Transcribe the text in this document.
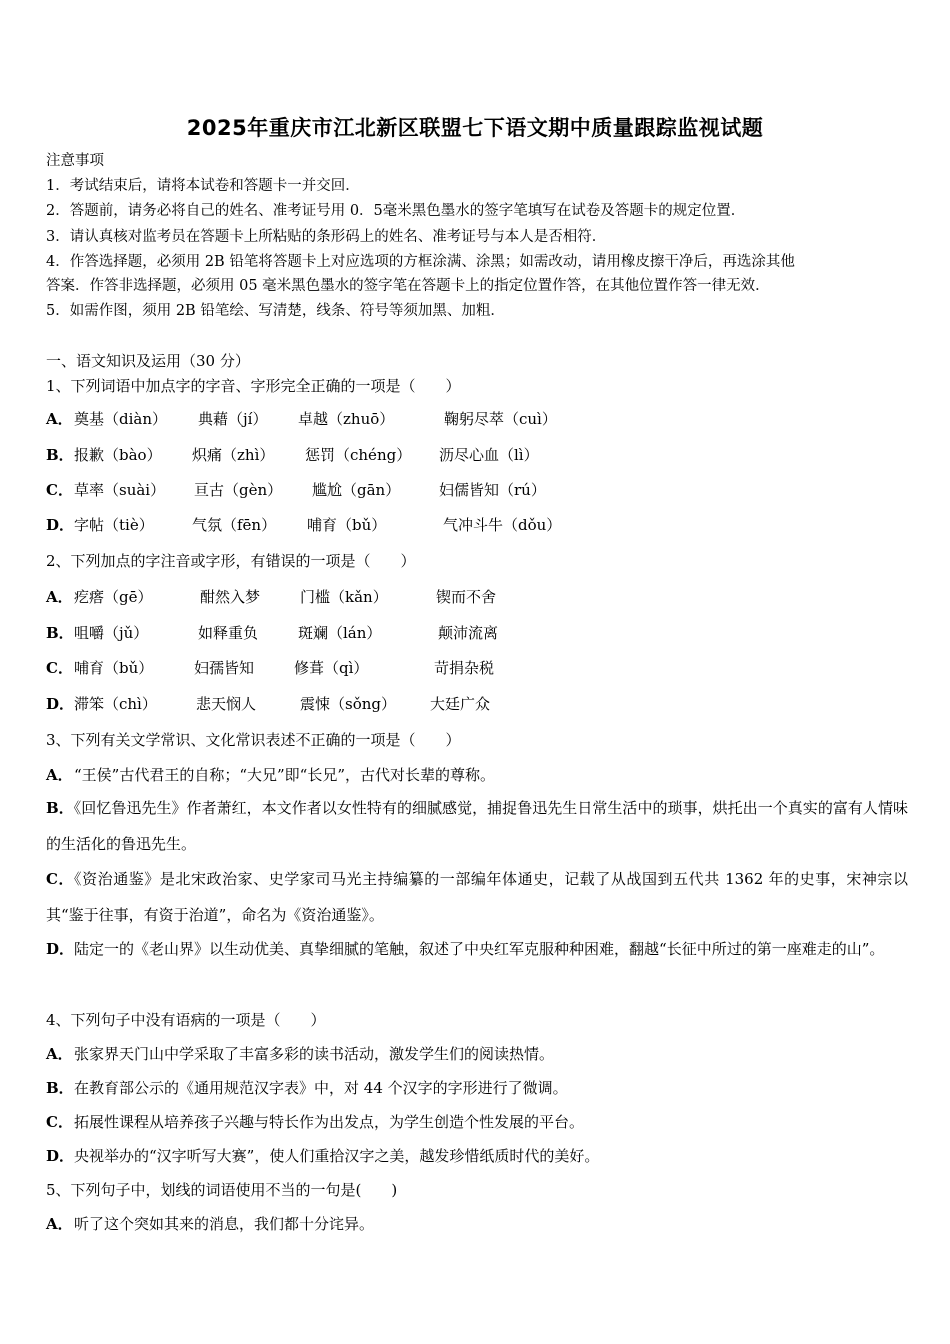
2025年重庆市江北新区联盟七下语文期中质量跟踪监视试题
注意事项
1．考试结束后，请将本试卷和答题卡一并交回．
2．答题前，请务必将自己的姓名、准考证号用 0．5毫米黑色墨水的签字笔填写在试卷及答题卡的规定位置．
3．请认真核对监考员在答题卡上所粘贴的条形码上的姓名、准考证号与本人是否相符．
4．作答选择题，必须用 2B 铅笔将答题卡上对应选项的方框涂满、涂黑；如需改动，请用橡皮擦干净后，再选涂其他
答案．作答非选择题，必须用 05 毫米黑色墨水的签字笔在答题卡上的指定位置作答，在其他位置作答一律无效．
5．如需作图，须用 2B 铅笔绘、写清楚，线条、符号等须加黑、加粗．
一、语文知识及运用（30 分）
1、下列词语中加点字的字音、字形完全正确的一项是（　　）
A．奠基（diàn） 典藉（jí） 卓越（zhuō）	鞠躬尽萃（cuì）
B．报歉（bào） 炽痛（zhì） 惩罚（chéng） 沥尽心血（lì）
C．草率（suài） 亘古（gèn） 尴尬（gān）	妇儒皆知（rú）
D．字帖（tiè）	气氛（fēn） 哺育（bǔ）	气冲斗牛（dǒu）
2、下列加点的字注音或字形，有错误的一项是（　　）
A．疙瘩（gē）	酣然入梦	门槛（kǎn）	锲而不舍
B．咀嚼（jǔ）	如释重负	斑斓（lán）	颠沛流离
C．哺育（bǔ）	妇孺皆知	修葺（qì）	苛捐杂税
D．滞笨（chì）	悲天悯人	震悚（sǒng） 大廷广众
3、下列有关文学常识、文化常识表述不正确的一项是（　　）
A．“王侯”古代君王的自称；“大兄”即“长兄”，古代对长辈的尊称。
B．《回忆鲁迅先生》作者萧红，本文作者以女性特有的细腻感觉，捕捉鲁迅先生日常生活中的琐事，烘托出一个真实的富有人情味的生活化的鲁迅先生。
C．《资治通鉴》是北宋政治家、史学家司马光主持编纂的一部编年体通史，记载了从战国到五代共 1362 年的史事，宋神宗以其“鉴于往事，有资于治道”，命名为《资治通鉴》。
D．陆定一的《老山界》以生动优美、真挚细腻的笔触，叙述了中央红军克服种种困难，翻越“长征中所过的第一座难走的山”。
4、下列句子中没有语病的一项是（　　）
A．张家界天门山中学采取了丰富多彩的读书活动，激发学生们的阅读热情。
B．在教育部公示的《通用规范汉字表》中，对 44 个汉字的字形进行了微调。
C．拓展性课程从培养孩子兴趣与特长作为出发点，为学生创造个性发展的平台。
D．央视举办的“汉字听写大赛”，使人们重拾汉字之美，越发珍惜纸质时代的美好。
5、下列句子中，划线的词语使用不当的一句是(　　)
A．听了这个突如其来的消息，我们都十分诧异。
